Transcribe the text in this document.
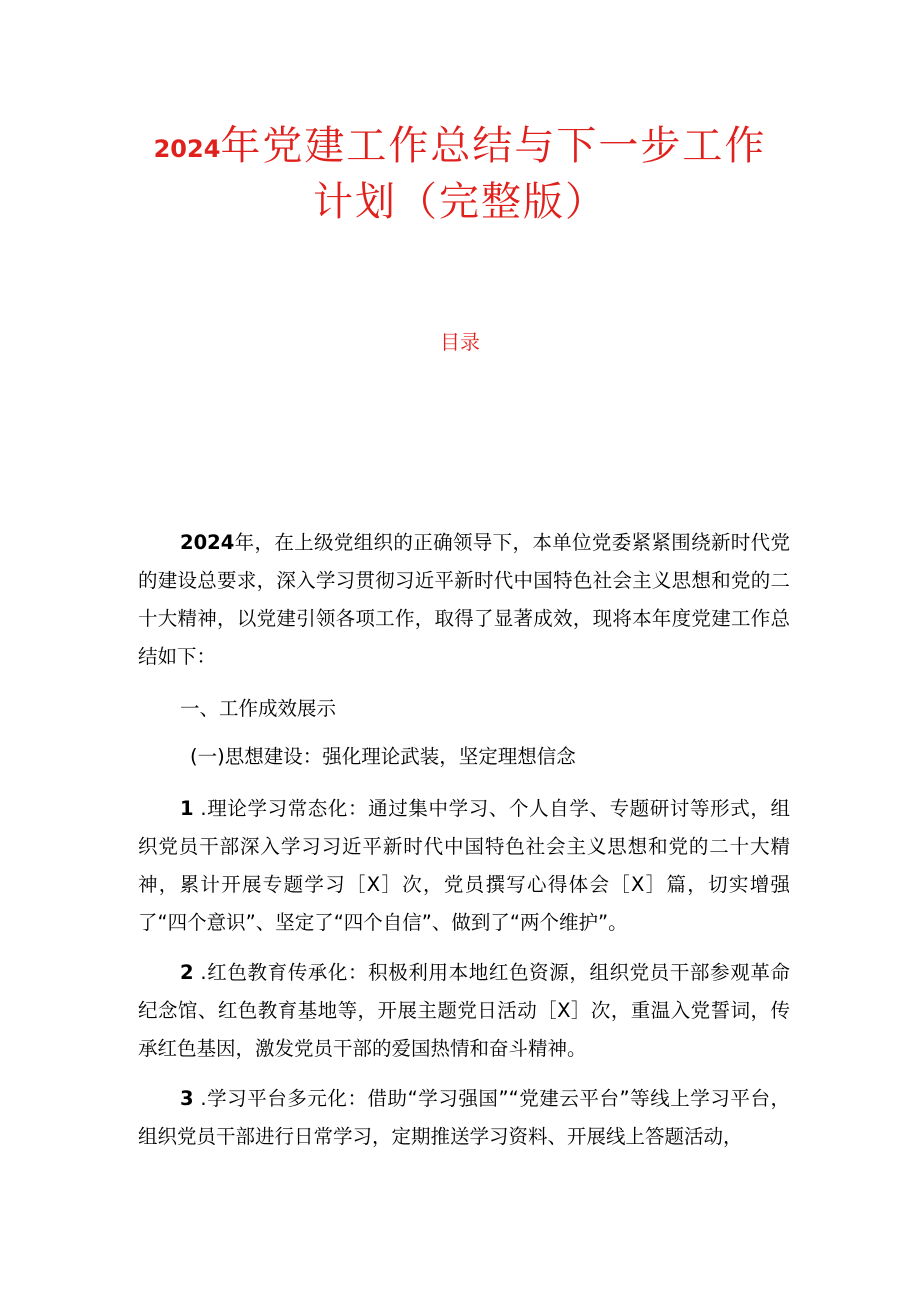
2024年党建工作总结与下一步工作
计划（完整版）
目录
2024年，在上级党组织的正确领导下，本单位党委紧紧围绕新时代党的建设总要求，深入学习贯彻习近平新时代中国特色社会主义思想和党的二十大精神，以党建引领各项工作，取得了显著成效，现将本年度党建工作总结如下：
一、工作成效展示
(一)思想建设：强化理论武装，坚定理想信念
1 .理论学习常态化：通过集中学习、个人自学、专题研讨等形式，组织党员干部深入学习习近平新时代中国特色社会主义思想和党的二十大精神，累计开展专题学习［X］次，党员撰写心得体会［X］篇，切实增强了“四个意识”、坚定了“四个自信”、做到了“两个维护”。
2 .红色教育传承化：积极利用本地红色资源，组织党员干部参观革命纪念馆、红色教育基地等，开展主题党日活动［X］次，重温入党誓词，传承红色基因，激发党员干部的爱国热情和奋斗精神。
3 .学习平台多元化：借助“学习强国”“党建云平台”等线上学习平台，组织党员干部进行日常学习，定期推送学习资料、开展线上答题活动，
